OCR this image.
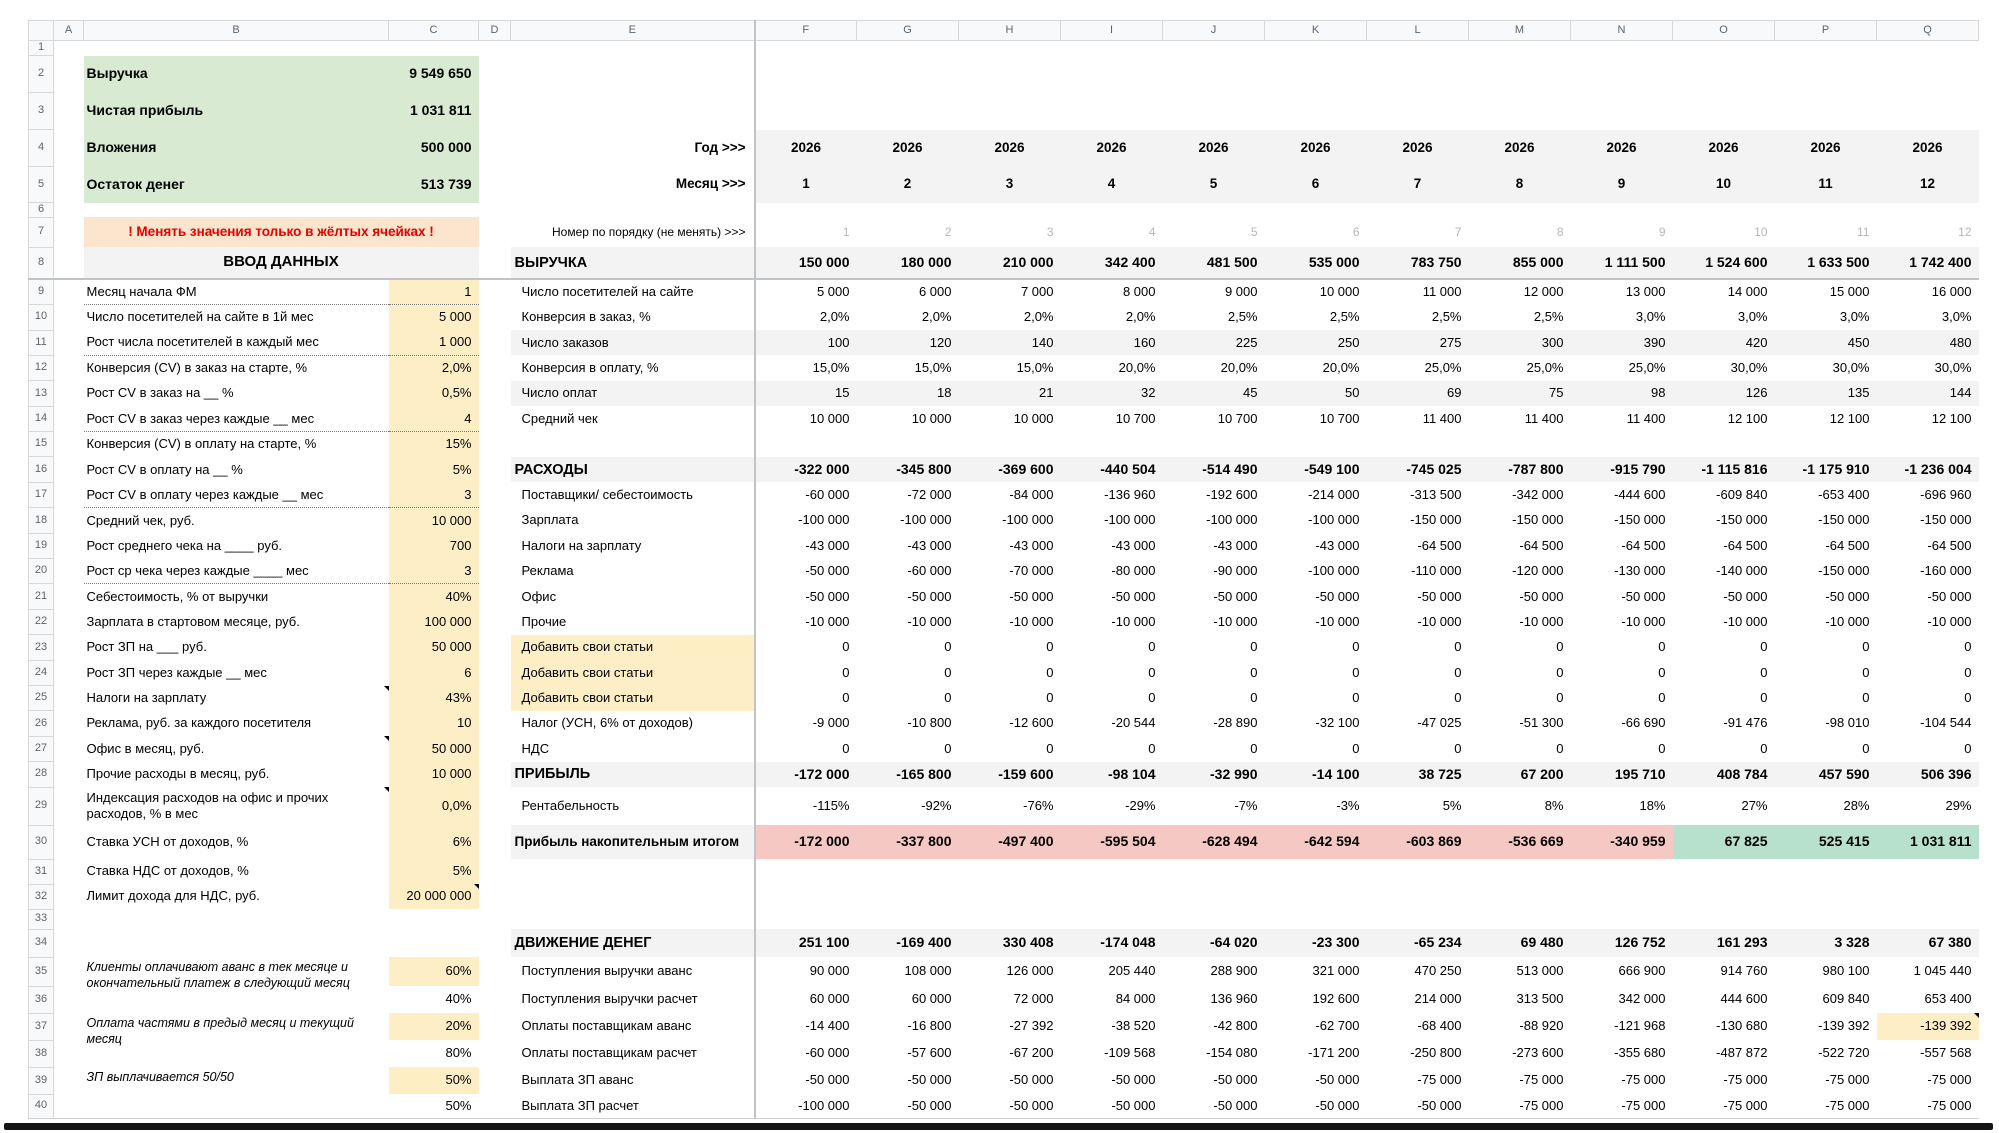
	A	B	C	D	E	F	G	H	I	J	K	L	M	N	O	P	Q
1																	
2		Выручка	9 549 650														
3		Чистая прибыль	1 031 811														
4		Вложения	500 000		Год >>>	2026	2026	2026	2026	2026	2026	2026	2026	2026	2026	2026	2026
5		Остаток денег	513 739		Месяц >>>	1	2	3	4	5	6	7	8	9	10	11	12
6																	
7		! Менять значения только в жёлтых ячейках !			Номер по порядку (не менять) >>>	1	2	3	4	5	6	7	8	9	10	11	12
8		ВВОД ДАННЫХ			ВЫРУЧКА	150 000	180 000	210 000	342 400	481 500	535 000	783 750	855 000	1 111 500	1 524 600	1 633 500	1 742 400
9		Месяц начала ФМ	1		Число посетителей на сайте	5 000	6 000	7 000	8 000	9 000	10 000	11 000	12 000	13 000	14 000	15 000	16 000
10		Число посетителей на сайте в 1й мес	5 000		Конверсия в заказ, %	2,0%	2,0%	2,0%	2,0%	2,5%	2,5%	2,5%	2,5%	3,0%	3,0%	3,0%	3,0%
11		Рост числа посетителей в каждый мес	1 000		Число заказов	100	120	140	160	225	250	275	300	390	420	450	480
12		Конверсия (CV) в заказ на старте, %	2,0%		Конверсия в оплату, %	15,0%	15,0%	15,0%	20,0%	20,0%	20,0%	25,0%	25,0%	25,0%	30,0%	30,0%	30,0%
13		Рост CV в заказ на __ %	0,5%		Число оплат	15	18	21	32	45	50	69	75	98	126	135	144
14		Рост CV в заказ через каждые __ мес	4		Средний чек	10 000	10 000	10 000	10 700	10 700	10 700	11 400	11 400	11 400	12 100	12 100	12 100
15		Конверсия (CV) в оплату на старте, %	15%														
16		Рост CV в оплату на __ %	5%		РАСХОДЫ	-322 000	-345 800	-369 600	-440 504	-514 490	-549 100	-745 025	-787 800	-915 790	-1 115 816	-1 175 910	-1 236 004
17		Рост CV в оплату через каждые __ мес	3		Поставщики/ себестоимость	-60 000	-72 000	-84 000	-136 960	-192 600	-214 000	-313 500	-342 000	-444 600	-609 840	-653 400	-696 960
18		Средний чек, руб.	10 000		Зарплата	-100 000	-100 000	-100 000	-100 000	-100 000	-100 000	-150 000	-150 000	-150 000	-150 000	-150 000	-150 000
19		Рост среднего чека на ____ руб.	700		Налоги на зарплату	-43 000	-43 000	-43 000	-43 000	-43 000	-43 000	-64 500	-64 500	-64 500	-64 500	-64 500	-64 500
20		Рост ср чека через каждые ____ мес	3		Реклама	-50 000	-60 000	-70 000	-80 000	-90 000	-100 000	-110 000	-120 000	-130 000	-140 000	-150 000	-160 000
21		Себестоимость, % от выручки	40%		Офис	-50 000	-50 000	-50 000	-50 000	-50 000	-50 000	-50 000	-50 000	-50 000	-50 000	-50 000	-50 000
22		Зарплата в стартовом месяце, руб.	100 000		Прочие	-10 000	-10 000	-10 000	-10 000	-10 000	-10 000	-10 000	-10 000	-10 000	-10 000	-10 000	-10 000
23		Рост ЗП на ___ руб.	50 000		Добавить свои статьи	0	0	0	0	0	0	0	0	0	0	0	0
24		Рост ЗП через каждые __ мес	6		Добавить свои статьи	0	0	0	0	0	0	0	0	0	0	0	0
25		Налоги на зарплату	43%		Добавить свои статьи	0	0	0	0	0	0	0	0	0	0	0	0
26		Реклама, руб. за каждого посетителя	10		Налог (УСН, 6% от доходов)	-9 000	-10 800	-12 600	-20 544	-28 890	-32 100	-47 025	-51 300	-66 690	-91 476	-98 010	-104 544
27		Офис в месяц, руб.	50 000		НДС	0	0	0	0	0	0	0	0	0	0	0	0
28		Прочие расходы в месяц, руб.	10 000		ПРИБЫЛЬ	-172 000	-165 800	-159 600	-98 104	-32 990	-14 100	38 725	67 200	195 710	408 784	457 590	506 396
29		Индексация расходов на офис и прочих расходов, % в мес	0,0%		Рентабельность	-115%	-92%	-76%	-29%	-7%	-3%	5%	8%	18%	27%	28%	29%
30		Ставка УСН от доходов, %	6%		Прибыль накопительным итогом	-172 000	-337 800	-497 400	-595 504	-628 494	-642 594	-603 869	-536 669	-340 959	67 825	525 415	1 031 811
31		Ставка НДС от доходов, %	5%														
32		Лимит дохода для НДС, руб.	20 000 000

33																	
34					ДВИЖЕНИЕ ДЕНЕГ	251 100	-169 400	330 408	-174 048	-64 020	-23 300	-65 234	69 480	126 752	161 293	3 328	67 380
35		Клиенты оплачивают аванс в тек месяце и окончательный платеж в следующий месяц	60%		Поступления выручки аванс	90 000	108 000	126 000	205 440	288 900	321 000	470 250	513 000	666 900	914 760	980 100	1 045 440
36			40%		Поступления выручки расчет	60 000	60 000	72 000	84 000	136 960	192 600	214 000	313 500	342 000	444 600	609 840	653 400
37		Оплата частями в предыд месяц и текущий месяц	20%		Оплаты поставщикам аванс	-14 400	-16 800	-27 392	-38 520	-42 800	-62 700	-68 400	-88 920	-121 968	-130 680	-139 392	-139 392

38			80%		Оплаты поставщикам расчет	-60 000	-57 600	-67 200	-109 568	-154 080	-171 200	-250 800	-273 600	-355 680	-487 872	-522 720	-557 568
39		ЗП выплачивается 50/50	50%		Выплата ЗП аванс	-50 000	-50 000	-50 000	-50 000	-50 000	-50 000	-75 000	-75 000	-75 000	-75 000	-75 000	-75 000
40			50%		Выплата ЗП расчет	-100 000	-50 000	-50 000	-50 000	-50 000	-50 000	-50 000	-75 000	-75 000	-75 000	-75 000	-75 000
